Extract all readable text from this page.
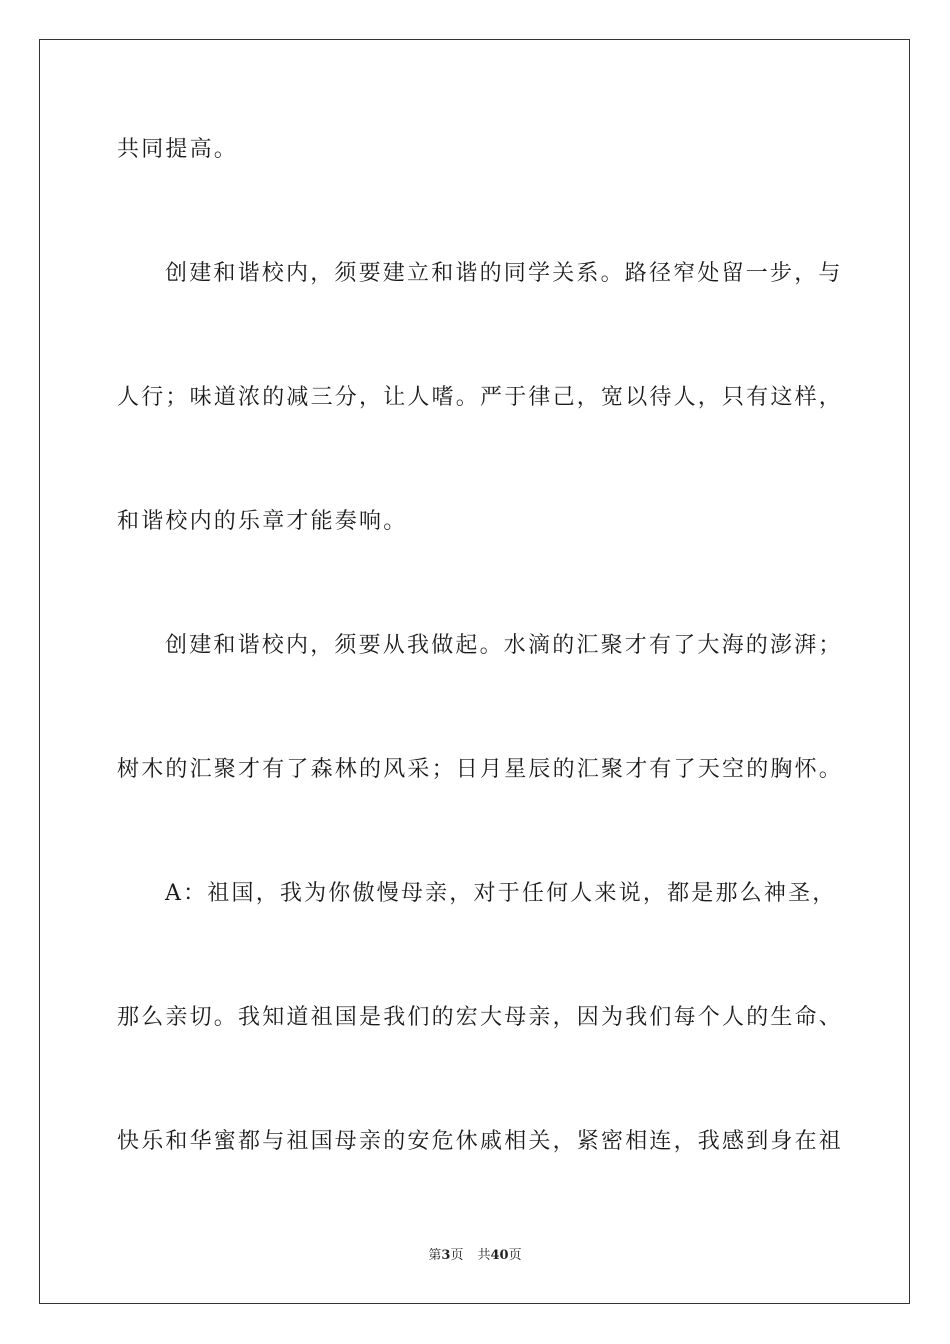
共同提高。
创建和谐校内，须要建立和谐的同学关系。路径窄处留一步，与
人行；味道浓的减三分，让人嗜。严于律己，宽以待人，只有这样，
和谐校内的乐章才能奏响。
创建和谐校内，须要从我做起。水滴的汇聚才有了大海的澎湃；
树木的汇聚才有了森林的风采；日月星辰的汇聚才有了天空的胸怀。
A：祖国，我为你傲慢母亲，对于任何人来说，都是那么神圣，
那么亲切。我知道祖国是我们的宏大母亲，因为我们每个人的生命、
快乐和华蜜都与祖国母亲的安危休戚相关，紧密相连，我感到身在祖
第3页 共40页
